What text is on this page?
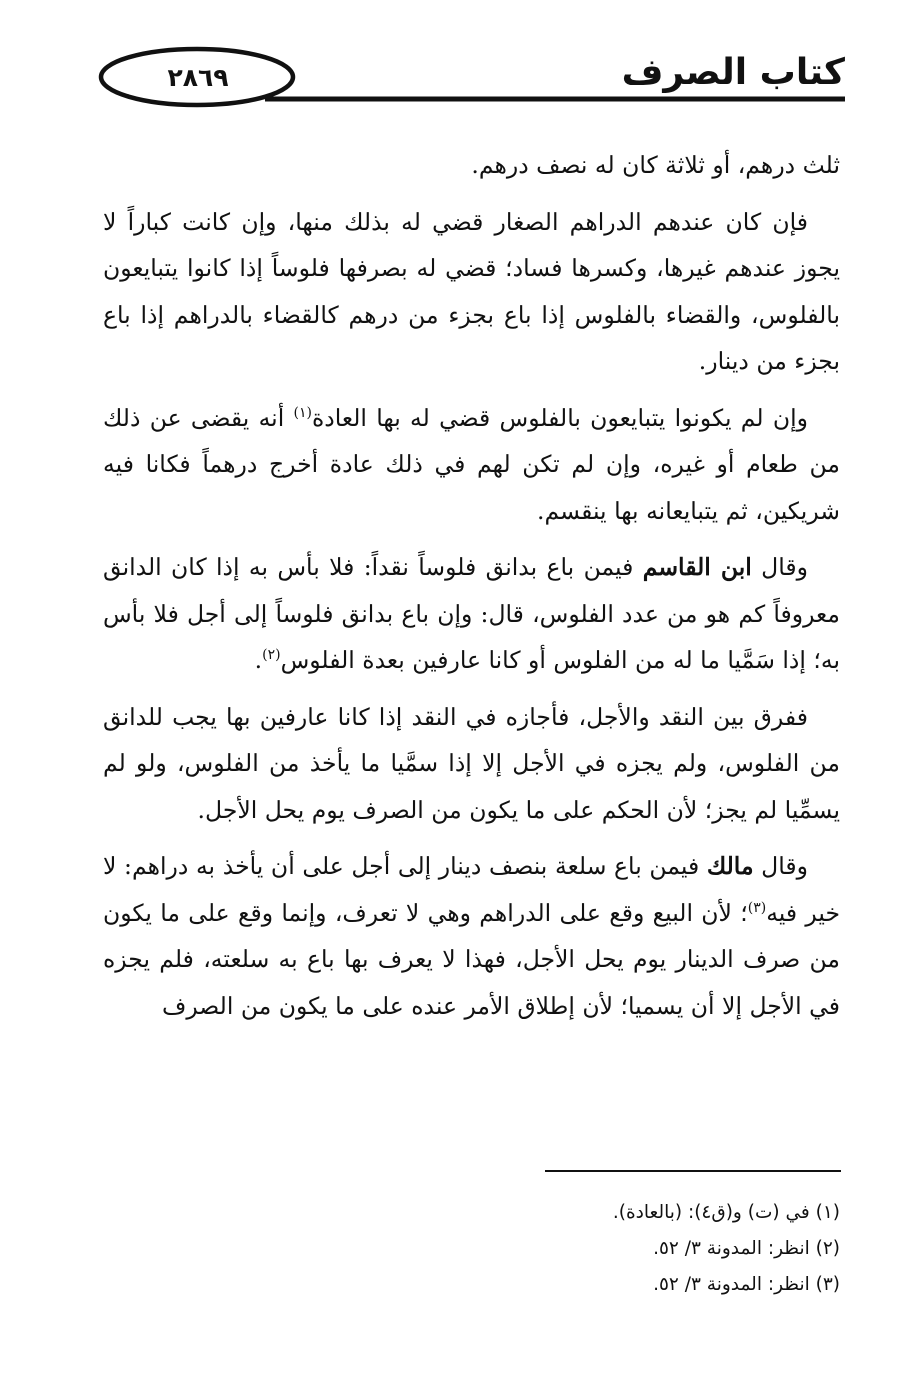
٢٨٦٩	كتاب الصرف

ثلث درهم، أو ثلاثة كان له نصف درهم.

فإن كان عندهم الدراهم الصغار قضي له بذلك منها، وإن كانت كباراً لا يجوز عندهم غيرها، وكسرها فساد؛ قضي له بصرفها فلوساً إذا كانوا يتبايعون بالفلوس، والقضاء بالفلوس إذا باع بجزء من درهم كالقضاء بالدراهم إذا باع بجزء من دينار.

وإن لم يكونوا يتبايعون بالفلوس قضي له بها العادة$^{(١)}$ أنه يقضى عن ذلك من طعام أو غيره، وإن لم تكن لهم في ذلك عادة أخرج درهماً فكانا فيه شريكين، ثم يتبايعانه بها ينقسم.

وقال ابن القاسم فيمن باع بدانق فلوساً نقداً: فلا بأس به إذا كان الدانق معروفاً كم هو من عدد الفلوس، قال: وإن باع بدانق فلوساً إلى أجل فلا بأس به؛ إذا سَمَّيا ما له من الفلوس أو كانا عارفين بعدة الفلوس$^{(٢)}$.

ففرق بين النقد والأجل، فأجازه في النقد إذا كانا عارفين بها يجب للدانق من الفلوس، ولم يجزه في الأجل إلا إذا سمَّيا ما يأخذ من الفلوس، ولو لم يسمِّيا لم يجز؛ لأن الحكم على ما يكون من الصرف يوم يحل الأجل.

وقال مالك فيمن باع سلعة بنصف دينار إلى أجل على أن يأخذ به دراهم: لا خير فيه$^{(٣)}$؛ لأن البيع وقع على الدراهم وهي لا تعرف، وإنما وقع على ما يكون من صرف الدينار يوم يحل الأجل، فهذا لا يعرف بها باع به سلعته، فلم يجزه في الأجل إلا أن يسميا؛ لأن إطلاق الأمر عنده على ما يكون من الصرف

(١) في (ت) و(ق٤): (بالعادة).

(٢) انظر: المدونة ٣/ ٥٢.

(٣) انظر: المدونة ٣/ ٥٢.
